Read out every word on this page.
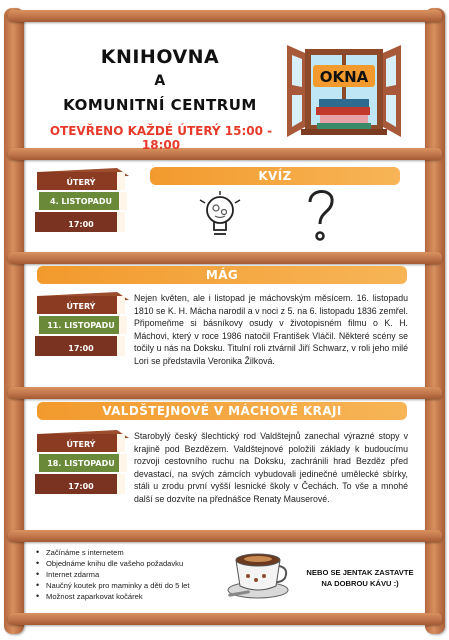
KNIHOVNA
A
KOMUNITNÍ CENTRUM
OTEVŘENO KAŽDÉ ÚTERÝ 15:00 - 18:00
OKNA
KVÍZ
ÚTERÝ
4. LISTOPADU
17:00
MÁG
ÚTERÝ
11. LISTOPADU
17:00
Nejen květen, ale i listopad je máchovským měsícem. 16. listopadu 1810 se K. H. Mácha narodil a v noci z 5. na 6. listopadu 1836 zemřel. Připomeňme si básníkovy osudy v životopisném filmu o K. H. Máchovi, který v roce 1986 natočil František Vláčil. Některé scény se točily u nás na Doksku. Titulní roli ztvárnil Jiří Schwarz, v roli jeho milé Lori se představila Veronika Žilková.
VALDŠTEJNOVÉ V MÁCHOVĚ KRAJI
ÚTERÝ
18. LISTOPADU
17:00
Starobylý český šlechtický rod Valdštejnů zanechal výrazné stopy v krajině pod Bezdězem. Valdštejnové položili základy k budoucímu rozvoji cestovního ruchu na Doksku, zachránili hrad Bezděz před devastací, na svých zámcích vybudovali jedinečné umělecké sbírky, stáli u zrodu první vyšší lesnické školy v Čechách. To vše a mnohé další se dozvíte na přednášce Renaty Mauserové.
• Začínáme s internetem
• Objednáme knihu dle vašeho požadavku
• Internet zdarma
• Naučný koutek pro maminky a děti do 5 let
• Možnost zaparkovat kočárek
NEBO SE JENTAK ZASTAVTE NA DOBROU KÁVU :)
